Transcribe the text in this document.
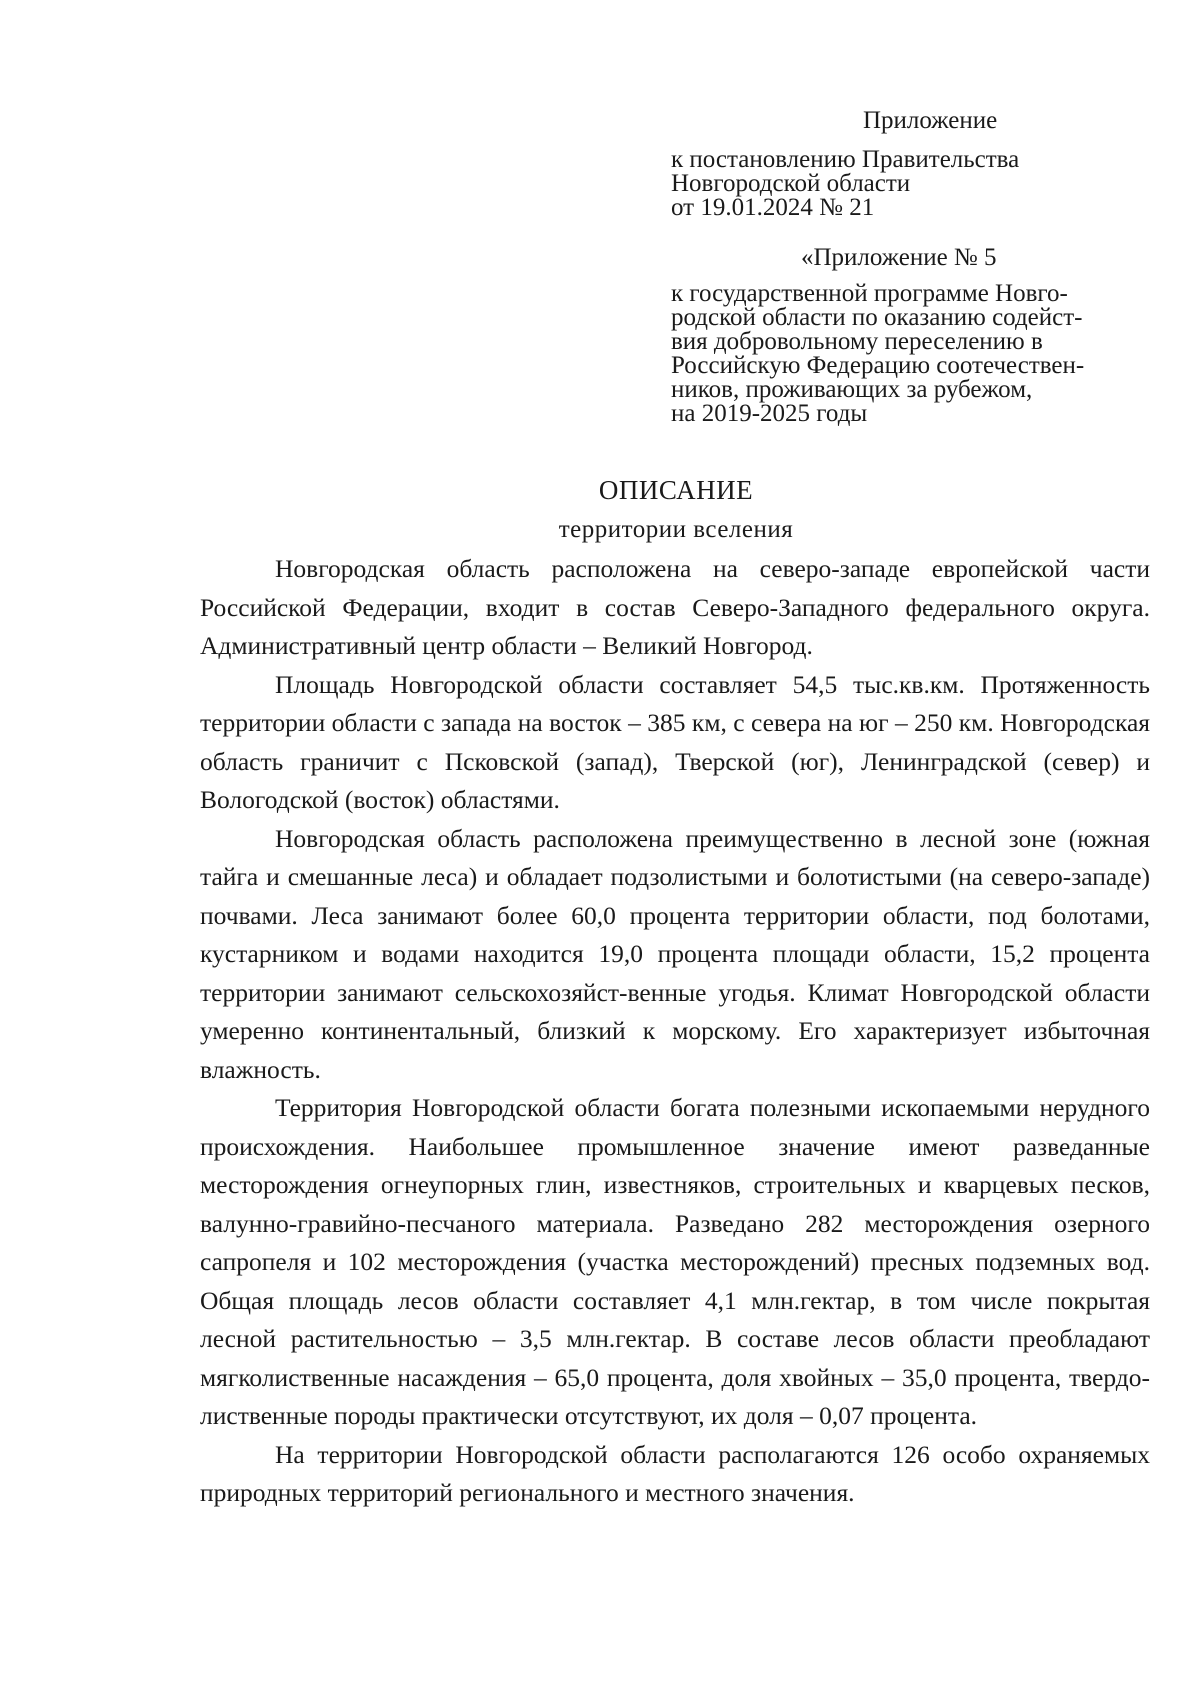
Приложение
к постановлению Правительства
Новгородской области
от 19.01.2024 № 21
«Приложение № 5
к государственной программе Новго-
родской области по оказанию содейст-
вия добровольному переселению в
Российскую Федерацию соотечествен-
ников, проживающих за рубежом,
на 2019-2025 годы
ОПИСАНИЕ
территории вселения

Новгородская область расположена на северо-западе европейской части Российской Федерации, входит в состав Северо-Западного федерального округа. Административный центр области – Великий Новгород.

Площадь Новгородской области составляет 54,5 тыс.кв.км. Протяженность территории области с запада на восток – 385 км, с севера на юг – 250 км. Новгородская область граничит с Псковской (запад), Тверской (юг), Ленинградской (север) и Вологодской (восток) областями.

Новгородская область расположена преимущественно в лесной зоне (южная тайга и смешанные леса) и обладает подзолистыми и болотистыми (на северо-западе) почвами. Леса занимают более 60,0 процента территории области, под болотами, кустарником и водами находится 19,0 процента площади области, 15,2 процента территории занимают сельскохозяйст-венные угодья. Климат Новгородской области умеренно континентальный, близкий к морскому. Его характеризует избыточная влажность.

Территория Новгородской области богата полезными ископаемыми нерудного происхождения. Наибольшее промышленное значение имеют разведанные месторождения огнеупорных глин, известняков, строительных и кварцевых песков, валунно-гравийно-песчаного материала. Разведано 282 месторождения озерного сапропеля и 102 месторождения (участка месторождений) пресных подземных вод. Общая площадь лесов области составляет 4,1 млн.гектар, в том числе покрытая лесной растительностью – 3,5 млн.гектар. В составе лесов области преобладают мягколиственные насаждения – 65,0 процента, доля хвойных – 35,0 процента, твердо-лиственные породы практически отсутствуют, их доля – 0,07 процента.

На территории Новгородской области располагаются 126 особо охраняемых природных территорий регионального и местного значения.
